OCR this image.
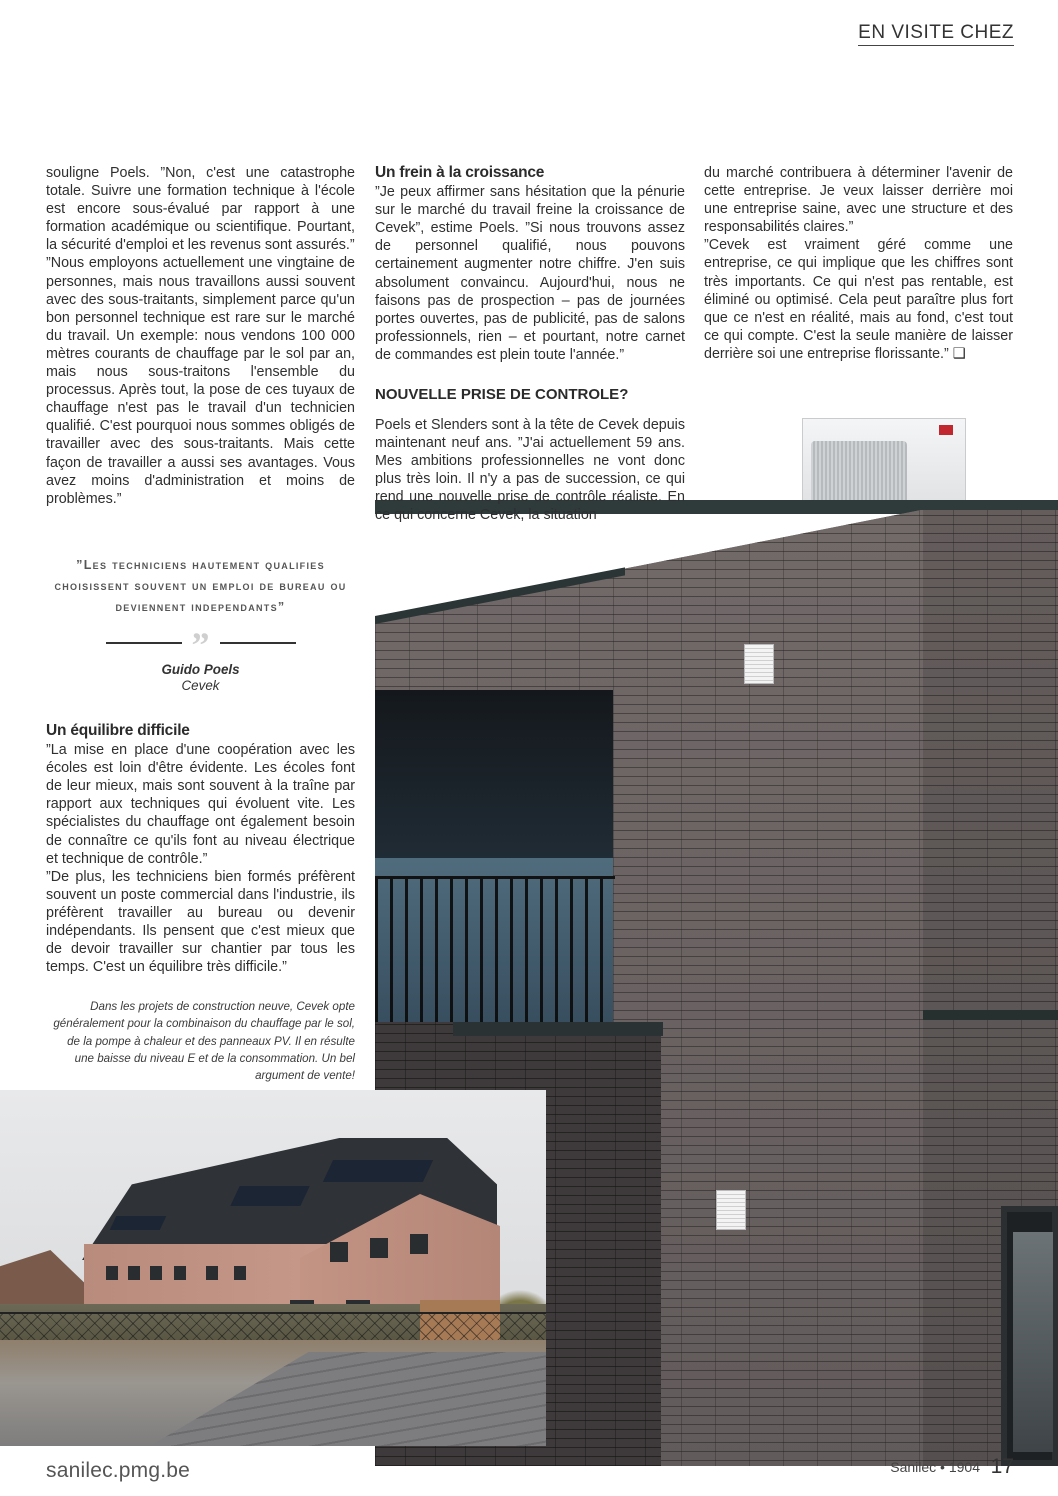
EN VISITE CHEZ

souligne Poels. ”Non, c'est une catastrophe totale. Suivre une formation technique à l'école est encore sous-évalué par rapport à une formation académique ou scientifique. Pourtant, la sécurité d'emploi et les revenus sont assurés.”

”Nous employons actuellement une vingtaine de personnes, mais nous travaillons aussi souvent avec des sous-traitants, simplement parce qu'un bon personnel technique est rare sur le marché du travail. Un exemple: nous vendons 100 000 mètres courants de chauffage par le sol par an, mais nous sous-traitons l'ensemble du processus. Après tout, la pose de ces tuyaux de chauffage n'est pas le travail d'un technicien qualifié. C'est pourquoi nous sommes obligés de travailler avec des sous-traitants. Mais cette façon de travailler a aussi ses avantages. Vous avez moins d'administration et moins de problèmes.”

”Les techniciens hautement qualifies choisissent souvent un emploi de bureau ou deviennent independants”
”
Guido Poels
Cevek
Un équilibre difficile

”La mise en place d'une coopération avec les écoles est loin d'être évidente. Les écoles font de leur mieux, mais sont souvent à la traîne par rapport aux techniques qui évoluent vite. Les spécialistes du chauffage ont également besoin de connaître ce qu'ils font au niveau électrique et technique de contrôle.”

”De plus, les techniciens bien formés préfèrent souvent un poste commercial dans l'industrie, ils préfèrent travailler au bureau ou devenir indépendants. Ils pensent que c'est mieux que de devoir travailler sur chantier par tous les temps. C'est un équilibre très difficile.”

Dans les projets de construction neuve, Cevek opte généralement pour la combinaison du chauffage par le sol, de la pompe à chaleur et des panneaux PV. Il en résulte une baisse du niveau E et de la consommation. Un bel argument de vente!
Un frein à la croissance

”Je peux affirmer sans hésitation que la pénurie sur le marché du travail freine la croissance de Cevek”, estime Poels. ”Si nous trouvons assez de personnel qualifié, nous pouvons certainement augmenter notre chiffre. J'en suis absolument convaincu. Aujourd'hui, nous ne faisons pas de prospection – pas de journées portes ouvertes, pas de publicité, pas de salons professionnels, rien – et pourtant, notre carnet de commandes est plein toute l'année.”

NOUVELLE PRISE DE CONTROLE?

Poels et Slenders sont à la tête de Cevek depuis maintenant neuf ans. ”J'ai actuellement 59 ans. Mes ambitions professionnelles ne vont donc plus très loin. Il n'y a pas de succession, ce qui rend une nouvelle prise de contrôle réaliste. En ce qui concerne Cevek, la situation

du marché contribuera à déterminer l'avenir de cette entreprise. Je veux laisser derrière moi une entreprise saine, avec une structure et des responsabilités claires.”

”Cevek est vraiment géré comme une entreprise, ce qui implique que les chiffres sont très importants. Ce qui n'est pas rentable, est éliminé ou optimisé. Cela peut paraître plus fort que ce n'est en réalité, mais au fond, c'est tout ce qui compte. C'est la seule manière de laisser derrière soi une entreprise florissante.” ❑

sanilec.pmg.be	Sanilec • 1904 17
